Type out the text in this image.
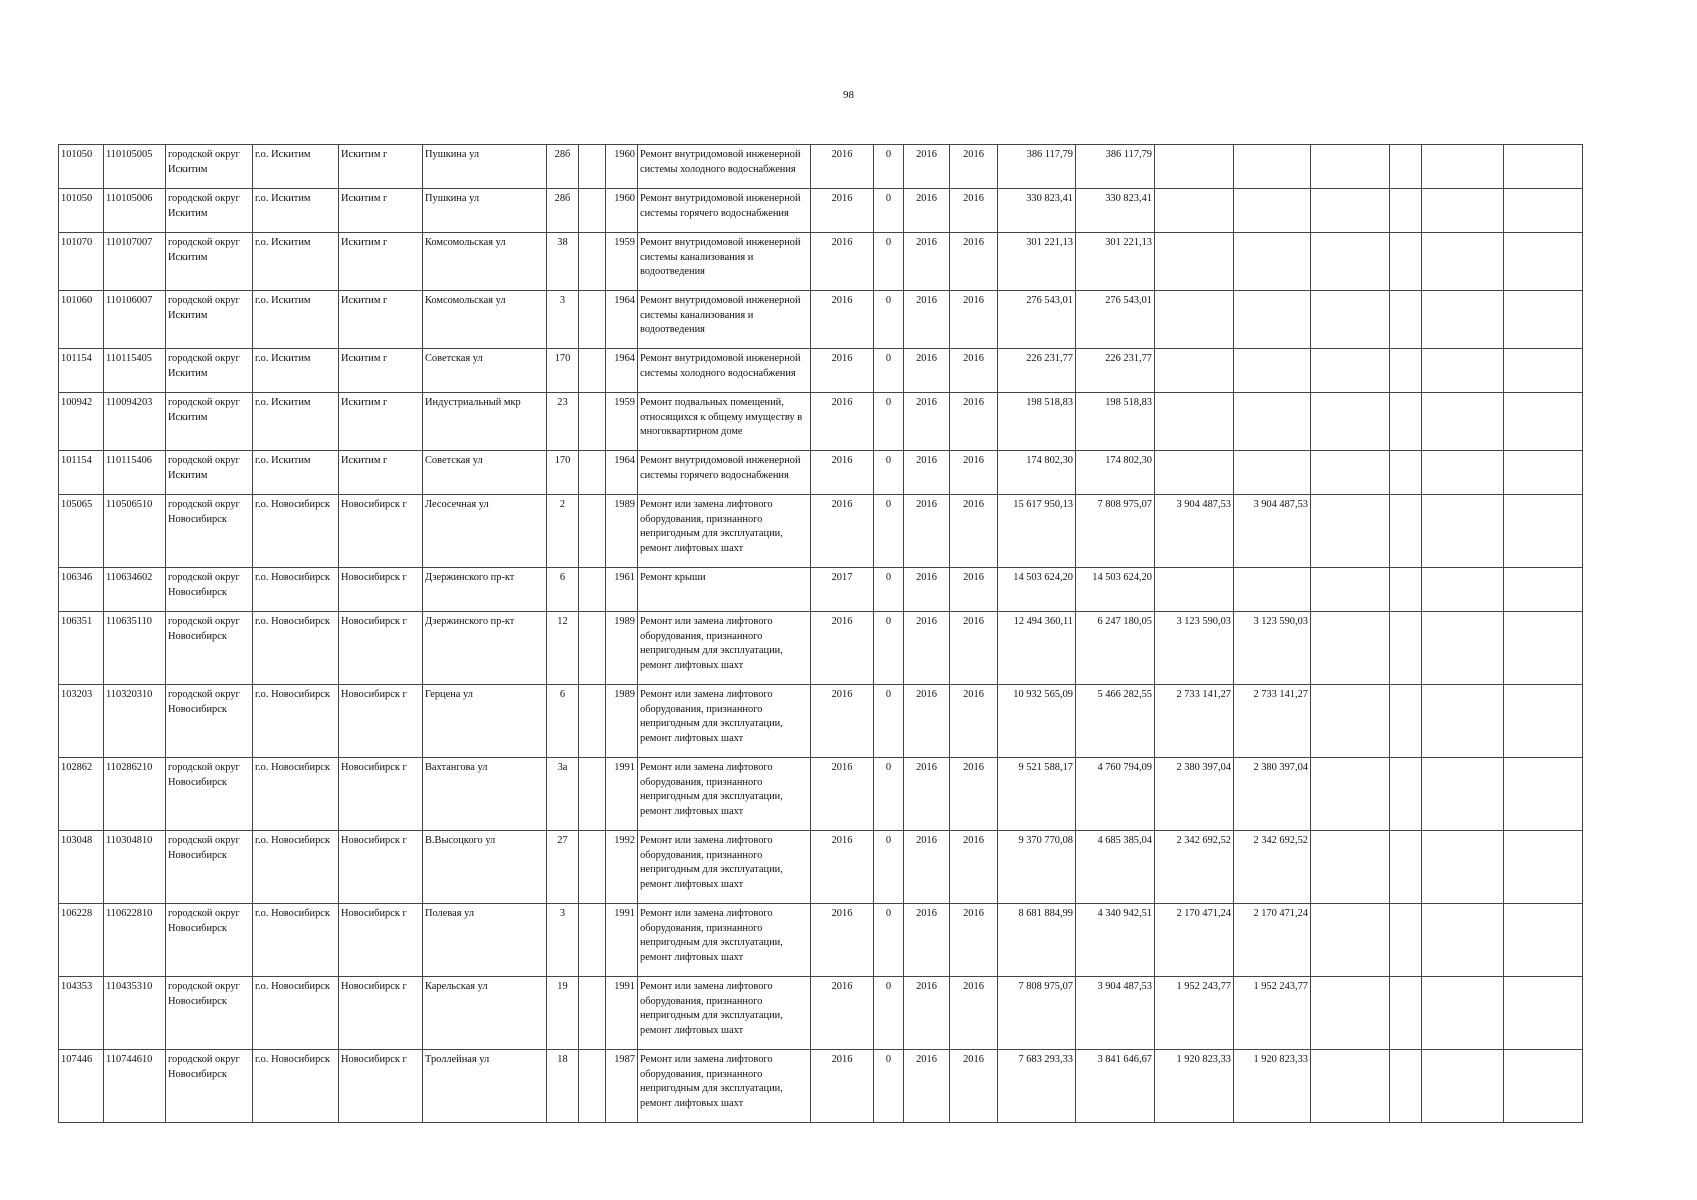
98
101050	110105005	городской округ Искитим	г.о. Искитим	Искитим г	Пушкина ул	28б		1960	Ремонт внутридомовой инженерной системы холодного водоснабжения	2016	0	2016	2016	386 117,79	386 117,79						
101050	110105006	городской округ Искитим	г.о. Искитим	Искитим г	Пушкина ул	28б		1960	Ремонт внутридомовой инженерной системы горячего водоснабжения	2016	0	2016	2016	330 823,41	330 823,41						
101070	110107007	городской округ Искитим	г.о. Искитим	Искитим г	Комсомольская ул	38		1959	Ремонт внутридомовой инженерной системы канализования и водоотведения	2016	0	2016	2016	301 221,13	301 221,13						
101060	110106007	городской округ Искитим	г.о. Искитим	Искитим г	Комсомольская ул	3		1964	Ремонт внутридомовой инженерной системы канализования и водоотведения	2016	0	2016	2016	276 543,01	276 543,01						
101154	110115405	городской округ Искитим	г.о. Искитим	Искитим г	Советская ул	170		1964	Ремонт внутридомовой инженерной системы холодного водоснабжения	2016	0	2016	2016	226 231,77	226 231,77						
100942	110094203	городской округ Искитим	г.о. Искитим	Искитим г	Индустриальный мкр	23		1959	Ремонт подвальных помещений, относящихся к общему имуществу в многоквартирном доме	2016	0	2016	2016	198 518,83	198 518,83						
101154	110115406	городской округ Искитим	г.о. Искитим	Искитим г	Советская ул	170		1964	Ремонт внутридомовой инженерной системы горячего водоснабжения	2016	0	2016	2016	174 802,30	174 802,30						
105065	110506510	городской округ Новосибирск	г.о. Новосибирск	Новосибирск г	Лесосечная ул	2		1989	Ремонт или замена лифтового оборудования, признанного непригодным для эксплуатации, ремонт лифтовых шахт	2016	0	2016	2016	15 617 950,13	7 808 975,07	3 904 487,53	3 904 487,53				
106346	110634602	городской округ Новосибирск	г.о. Новосибирск	Новосибирск г	Дзержинского пр-кт	6		1961	Ремонт крыши	2017	0	2016	2016	14 503 624,20	14 503 624,20						
106351	110635110	городской округ Новосибирск	г.о. Новосибирск	Новосибирск г	Дзержинского пр-кт	12		1989	Ремонт или замена лифтового оборудования, признанного непригодным для эксплуатации, ремонт лифтовых шахт	2016	0	2016	2016	12 494 360,11	6 247 180,05	3 123 590,03	3 123 590,03				
103203	110320310	городской округ Новосибирск	г.о. Новосибирск	Новосибирск г	Герцена ул	6		1989	Ремонт или замена лифтового оборудования, признанного непригодным для эксплуатации, ремонт лифтовых шахт	2016	0	2016	2016	10 932 565,09	5 466 282,55	2 733 141,27	2 733 141,27				
102862	110286210	городской округ Новосибирск	г.о. Новосибирск	Новосибирск г	Вахтангова ул	3а		1991	Ремонт или замена лифтового оборудования, признанного непригодным для эксплуатации, ремонт лифтовых шахт	2016	0	2016	2016	9 521 588,17	4 760 794,09	2 380 397,04	2 380 397,04				
103048	110304810	городской округ Новосибирск	г.о. Новосибирск	Новосибирск г	В.Высоцкого ул	27		1992	Ремонт или замена лифтового оборудования, признанного непригодным для эксплуатации, ремонт лифтовых шахт	2016	0	2016	2016	9 370 770,08	4 685 385,04	2 342 692,52	2 342 692,52				
106228	110622810	городской округ Новосибирск	г.о. Новосибирск	Новосибирск г	Полевая ул	3		1991	Ремонт или замена лифтового оборудования, признанного непригодным для эксплуатации, ремонт лифтовых шахт	2016	0	2016	2016	8 681 884,99	4 340 942,51	2 170 471,24	2 170 471,24				
104353	110435310	городской округ Новосибирск	г.о. Новосибирск	Новосибирск г	Карельская ул	19		1991	Ремонт или замена лифтового оборудования, признанного непригодным для эксплуатации, ремонт лифтовых шахт	2016	0	2016	2016	7 808 975,07	3 904 487,53	1 952 243,77	1 952 243,77				
107446	110744610	городской округ Новосибирск	г.о. Новосибирск	Новосибирск г	Троллейная ул	18		1987	Ремонт или замена лифтового оборудования, признанного непригодным для эксплуатации, ремонт лифтовых шахт	2016	0	2016	2016	7 683 293,33	3 841 646,67	1 920 823,33	1 920 823,33				
